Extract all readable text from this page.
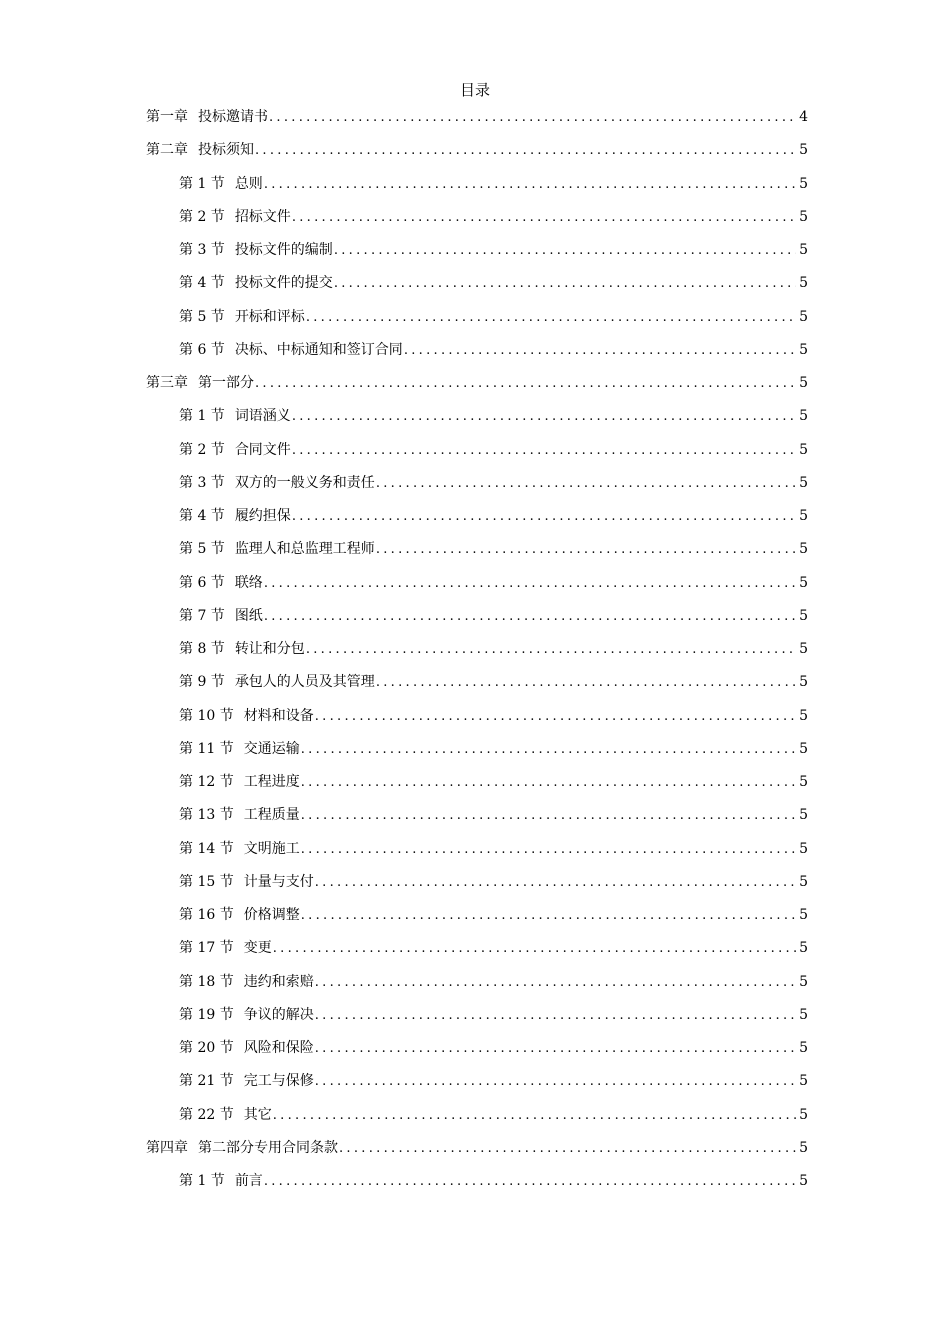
目录
第一章 投标邀请书 .....	4
第二章 投标须知 .....	5
第 1 节 总则 .....	5
第 2 节 招标文件 .....	5
第 3 节 投标文件的编制 .....	5
第 4 节 投标文件的提交 .....	5
第 5 节 开标和评标 .....	5
第 6 节 决标、中标通知和签订合同 .....	5
第三章 第一部分 .....	5
第 1 节 词语涵义 .....	5
第 2 节 合同文件 .....	5
第 3 节 双方的一般义务和责任 .....	5
第 4 节 履约担保 .....	5
第 5 节 监理人和总监理工程师 .....	5
第 6 节 联络 .....	5
第 7 节 图纸 .....	5
第 8 节 转让和分包 .....	5
第 9 节 承包人的人员及其管理 .....	5
第 10 节 材料和设备 .....	5
第 11 节 交通运输 .....	5
第 12 节 工程进度 .....	5
第 13 节 工程质量 .....	5
第 14 节 文明施工 .....	5
第 15 节 计量与支付 .....	5
第 16 节 价格调整 .....	5
第 17 节 变更 .....	5
第 18 节 违约和索赔 .....	5
第 19 节 争议的解决 .....	5
第 20 节 风险和保险 .....	5
第 21 节 完工与保修 .....	5
第 22 节 其它 .....	5
第四章 第二部分专用合同条款 .....	5
第 1 节 前言 .....	5
